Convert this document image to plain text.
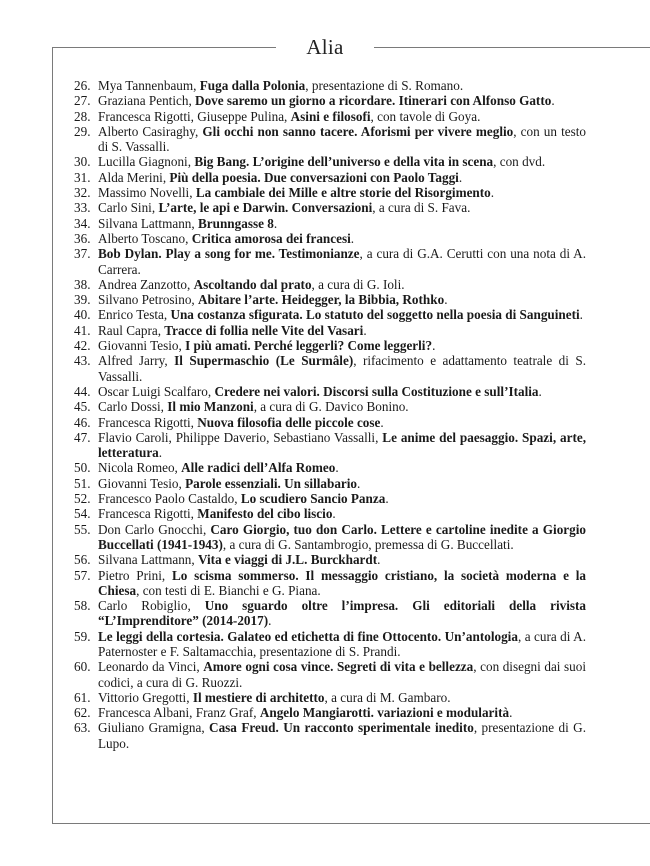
Alia
26. Mya Tannenbaum, Fuga dalla Polonia, presentazione di S. Romano.
27. Graziana Pentich, Dove saremo un giorno a ricordare. Itinerari con Alfonso Gatto.
28. Francesca Rigotti, Giuseppe Pulina, Asini e filosofi, con tavole di Goya.
29. Alberto Casiraghy, Gli occhi non sanno tacere. Aforismi per vivere meglio, con un testo di S. Vassalli.
30. Lucilla Giagnoni, Big Bang. L’origine dell’universo e della vita in scena, con dvd.
31. Alda Merini, Più della poesia. Due conversazioni con Paolo Taggi.
32. Massimo Novelli, La cambiale dei Mille e altre storie del Risorgimento.
33. Carlo Sini, L’arte, le api e Darwin. Conversazioni, a cura di S. Fava.
34. Silvana Lattmann, Brunngasse 8.
36. Alberto Toscano, Critica amorosa dei francesi.
37. Bob Dylan. Play a song for me. Testimonianze, a cura di G.A. Cerutti con una nota di A. Carrera.
38. Andrea Zanzotto, Ascoltando dal prato, a cura di G. Ioli.
39. Silvano Petrosino, Abitare l’arte. Heidegger, la Bibbia, Rothko.
40. Enrico Testa, Una costanza sfigurata. Lo statuto del soggetto nella poesia di Sanguineti.
41. Raul Capra, Tracce di follia nelle Vite del Vasari.
42. Giovanni Tesio, I più amati. Perché leggerli? Come leggerli?.
43. Alfred Jarry, Il Supermaschio (Le Surmâle), rifacimento e adattamento teatrale di S. Vassalli.
44. Oscar Luigi Scalfaro, Credere nei valori. Discorsi sulla Costituzione e sull’Italia.
45. Carlo Dossi, Il mio Manzoni, a cura di G. Davico Bonino.
46. Francesca Rigotti, Nuova filosofia delle piccole cose.
47. Flavio Caroli, Philippe Daverio, Sebastiano Vassalli, Le anime del paesaggio. Spazi, arte, letteratura.
50. Nicola Romeo, Alle radici dell’Alfa Romeo.
51. Giovanni Tesio, Parole essenziali. Un sillabario.
52. Francesco Paolo Castaldo, Lo scudiero Sancio Panza.
54. Francesca Rigotti, Manifesto del cibo liscio.
55. Don Carlo Gnocchi, Caro Giorgio, tuo don Carlo. Lettere e cartoline inedite a Giorgio Buccellati (1941-1943), a cura di G. Santambrogio, premessa di G. Buccellati.
56. Silvana Lattmann, Vita e viaggi di J.L. Burckhardt.
57. Pietro Prini, Lo scisma sommerso. Il messaggio cristiano, la società moderna e la Chiesa, con testi di E. Bianchi e G. Piana.
58. Carlo Robiglio, Uno sguardo oltre l’impresa. Gli editoriali della rivista “L’Imprenditore” (2014-2017).
59. Le leggi della cortesia. Galateo ed etichetta di fine Ottocento. Un’antologia, a cura di A. Paternoster e F. Saltamacchia, presentazione di S. Prandi.
60. Leonardo da Vinci, Amore ogni cosa vince. Segreti di vita e bellezza, con disegni dai suoi codici, a cura di G. Ruozzi.
61. Vittorio Gregotti, Il mestiere di architetto, a cura di M. Gambaro.
62. Francesca Albani, Franz Graf, Angelo Mangiarotti. variazioni e modularità.
63. Giuliano Gramigna, Casa Freud. Un racconto sperimentale inedito, presentazione di G. Lupo.
